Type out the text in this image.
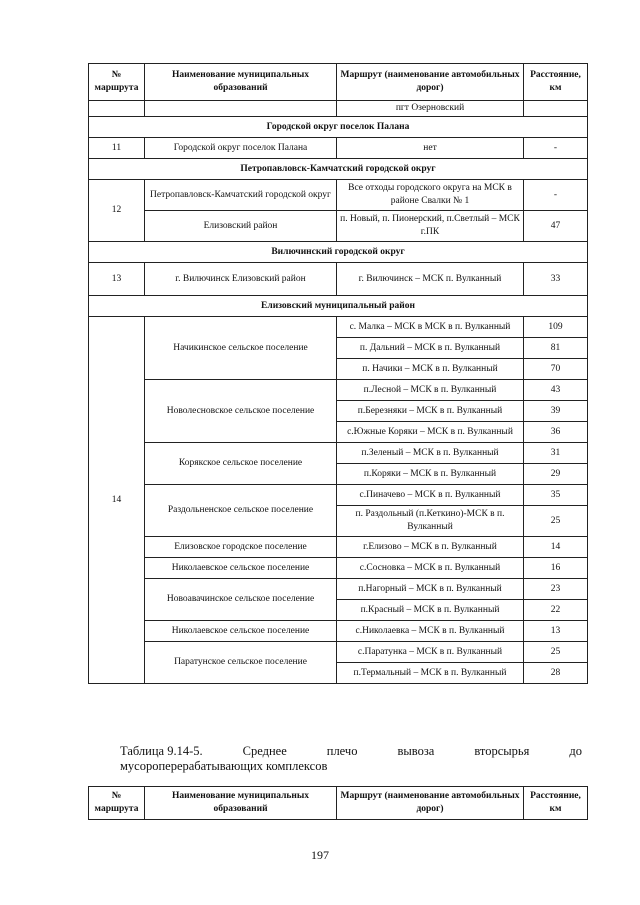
№ маршрута	Наименование муниципальных образований	Маршрут (наименование автомобильных дорог)	Расстояние, км
		пгт Озерновский	
Городской округ поселок Палана			
11	Городской округ поселок Палана	нет	-
Петропавловск-Камчатский городской округ			
12	Петропавловск-Камчатский городской округ	Все отходы городского округа на МСК в районе Свалки № 1	-
	Елизовский район	п. Новый, п. Пионерский, п.Светлый – МСК г.ПК	47
Вилючинский городской округ			
13	г. Вилючинск Елизовский район	г. Вилючинск – МСК п. Вулканный	33
Елизовский муниципальный район			
14	Начикинское сельское поселение	с. Малка – МСК в МСК в п. Вулканный	109
		п. Дальний – МСК в п. Вулканный	81
		п. Начики – МСК в п. Вулканный	70
	Новолесновское сельское поселение	п.Лесной – МСК в п. Вулканный	43
		п.Березняки – МСК в п. Вулканный	39
		с.Южные Коряки – МСК в п. Вулканный	36
	Корякское сельское поселение	п.Зеленый – МСК в п. Вулканный	31
		п.Коряки – МСК в п. Вулканный	29
	Раздольненское сельское поселение	с.Пиначево – МСК в п. Вулканный	35
		п. Раздольный (п.Кеткино)-МСК в п. Вулканный	25
	Елизовское городское поселение	г.Елизово – МСК в п. Вулканный	14
	Николаевское сельское поселение	с.Сосновка – МСК в п. Вулканный	16
	Новоавачинское сельское поселение	п.Нагорный – МСК в п. Вулканный	23
		п.Красный – МСК в п. Вулканный	22
	Николаевское сельское поселение	с.Николаевка – МСК в п. Вулканный	13
	Паратунское сельское поселение	с.Паратунка – МСК в п. Вулканный	25
		п.Термальный – МСК в п. Вулканный	28
Таблица 9.14-5.	Среднее	плечо	вывоза	вторсырья	до
мусороперерабатывающих комплексов
№ маршрута	Наименование муниципальных образований	Маршрут (наименование автомобильных дорог)	Расстояние, км
197
